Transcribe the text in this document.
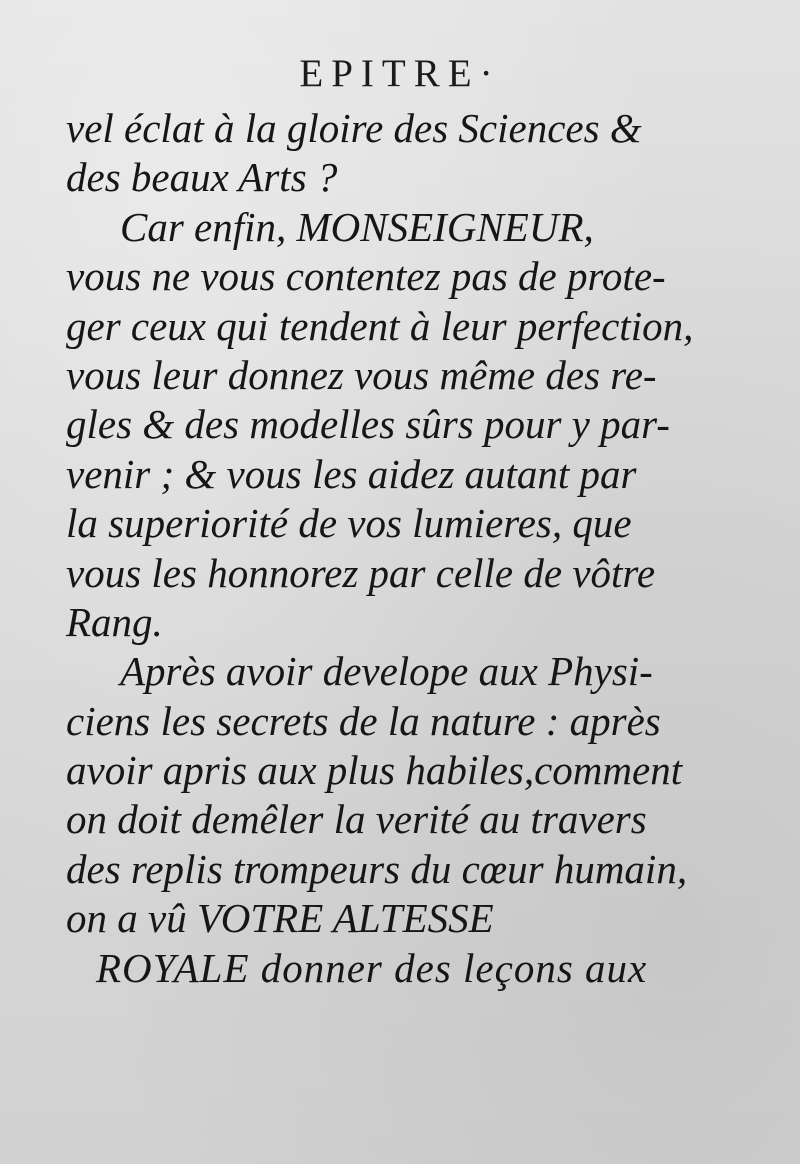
EPITRE·
vel éclat à la gloire des Sciences &
des beaux Arts ?
Car enfin, MONSEIGNEUR,
vous ne vous contentez pas de prote-
ger ceux qui tendent à leur perfection,
vous leur donnez vous même des re-
gles & des modelles sûrs pour y par-
venir ; & vous les aidez autant par
la superiorité de vos lumieres, que
vous les honnorez par celle de vôtre
Rang.
Après avoir develope aux Physi-
ciens les secrets de la nature : après
avoir apris aux plus habiles,comment
on doit demêler la verité au travers
des replis trompeurs du cœur humain,
on a vû VOTRE ALTESSE
ROYALE donner des leçons aux
